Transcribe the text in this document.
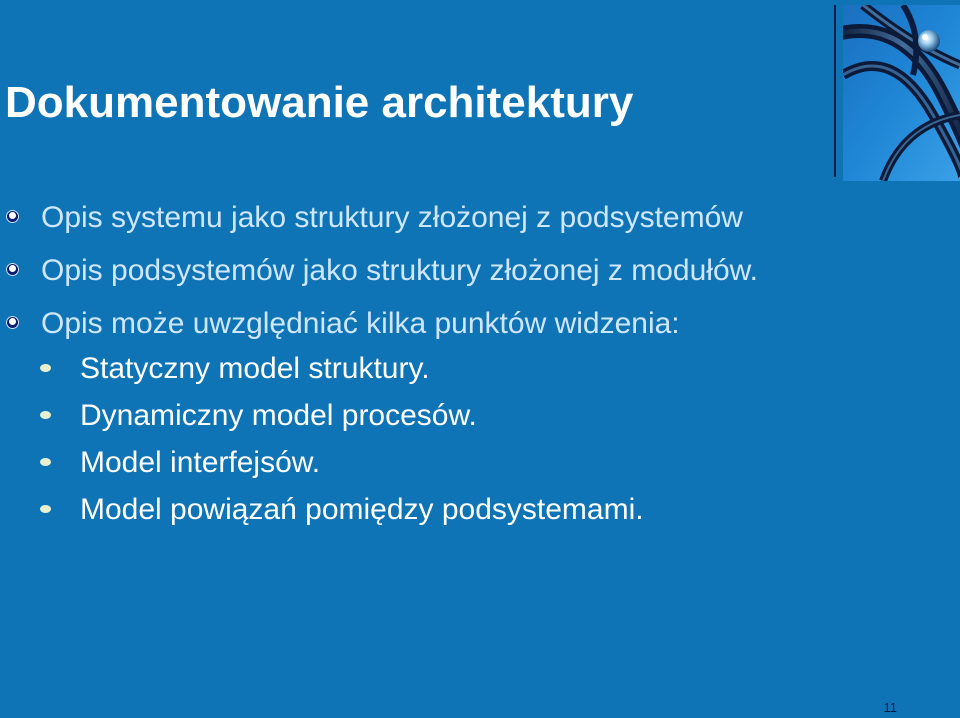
Dokumentowanie architektury
Opis systemu jako struktury złożonej z podsystemów
Opis podsystemów jako struktury złożonej z modułów.
Opis może uwzględniać kilka punktów widzenia:
Statyczny model struktury.
Dynamiczny model procesów.
Model interfejsów.
Model powiązań pomiędzy podsystemami.
11
